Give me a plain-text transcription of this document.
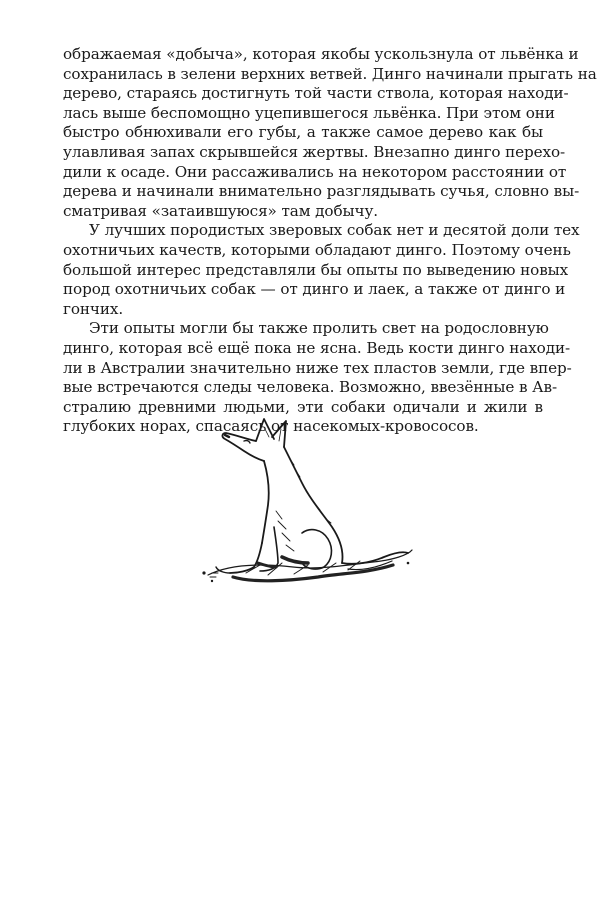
ображаемая «добыча», которая якобы ускользнула от львёнка и
сохранилась в зелени верхних ветвей. Динго начинали прыгать на
дерево, стараясь достигнуть той части ствола, которая находи-
лась выше беспомощно уцепившегося львёнка. При этом они
быстро обнюхивали его губы, а также самое дерево как бы
улавливая запах скрывшейся жертвы. Внезапно динго перехо-
дили к осаде. Они рассаживались на некотором расстоянии от
дерева и начинали внимательно разглядывать сучья, словно вы-
сматривая «затаившуюся» там добычу.
У лучших породистых зверовых собак нет и десятой доли тех
охотничьих качеств, которыми обладают динго. Поэтому очень
большой интерес представляли бы опыты по выведению новых
пород охотничьих собак — от динго и лаек, а также от динго и
гончих.
Эти опыты могли бы также пролить свет на родословную
динго, которая всё ещё пока не ясна. Ведь кости динго находи-
ли в Австралии значительно ниже тех пластов земли, где впер-
вые встречаются следы человека. Возможно, ввезённые в Ав-
стралию древними людьми, эти собаки одичали и жили в
глубоких норах, спасаясь от насекомых-кровососов.
